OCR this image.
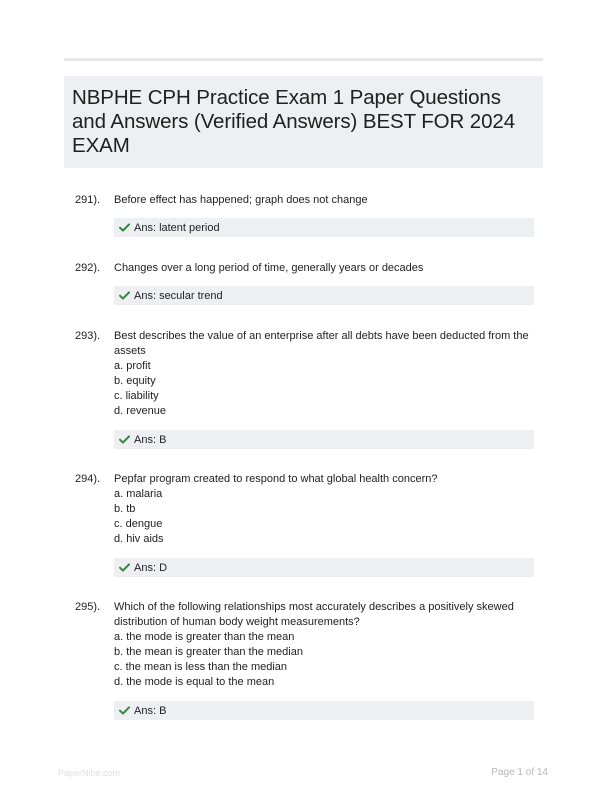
NBPHE CPH Practice Exam 1 Paper Questions
and Answers (Verified Answers) BEST FOR 2024
EXAM
291). Before effect has happened; graph does not change
Ans: latent period
292). Changes over a long period of time, generally years or decades
Ans: secular trend
293). Best describes the value of an enterprise after all debts have been deducted from the
assets
a. profit
b. equity
c. liability
d. revenue
Ans: B
294). Pepfar program created to respond to what global health concern?
a. malaria
b. tb
c. dengue
d. hiv aids
Ans: D
295). Which of the following relationships most accurately describes a positively skewed
distribution of human body weight measurements?
a. the mode is greater than the mean
b. the mean is greater than the median
c. the mean is less than the median
d. the mode is equal to the mean
Ans: B
PaperNibe.com	Page 1 of 14
